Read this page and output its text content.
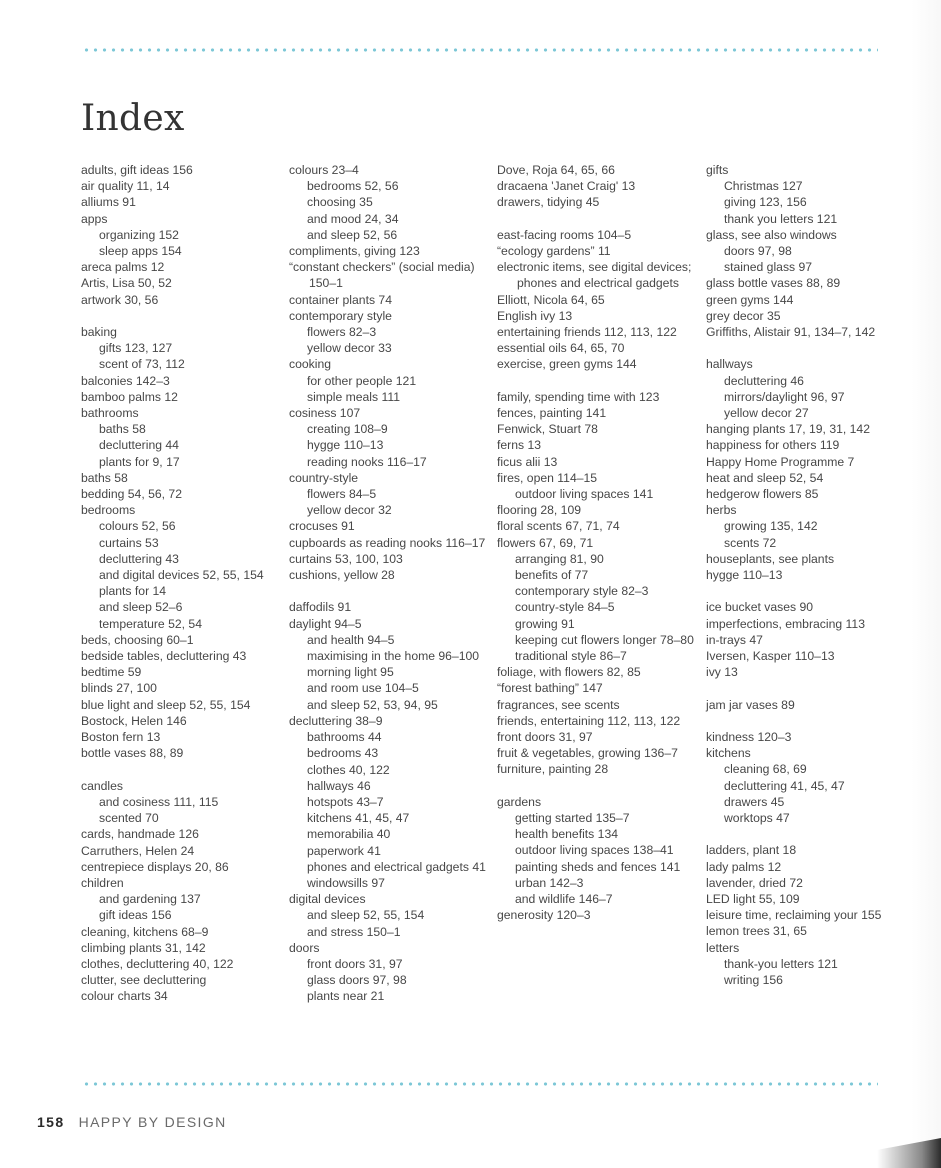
Index
adults, gift ideas 156
air quality 11, 14
alliums 91
apps
organizing 152
sleep apps 154
areca palms 12
Artis, Lisa 50, 52
artwork 30, 56
baking
gifts 123, 127
scent of 73, 112
balconies 142–3
bamboo palms 12
bathrooms
baths 58
decluttering 44
plants for 9, 17
baths 58
bedding 54, 56, 72
bedrooms
colours 52, 56
curtains 53
decluttering 43
and digital devices 52, 55, 154
plants for 14
and sleep 52–6
temperature 52, 54
beds, choosing 60–1
bedside tables, decluttering 43
bedtime 59
blinds 27, 100
blue light and sleep 52, 55, 154
Bostock, Helen 146
Boston fern 13
bottle vases 88, 89
candles
and cosiness 111, 115
scented 70
cards, handmade 126
Carruthers, Helen 24
centrepiece displays 20, 86
children
and gardening 137
gift ideas 156
cleaning, kitchens 68–9
climbing plants 31, 142
clothes, decluttering 40, 122
clutter, see decluttering
colour charts 34
colours 23–4
bedrooms 52, 56
choosing 35
and mood 24, 34
and sleep 52, 56
compliments, giving 123
“constant checkers” (social media) 150–1
container plants 74
contemporary style
flowers 82–3
yellow decor 33
cooking
for other people 121
simple meals 111
cosiness 107
creating 108–9
hygge 110–13
reading nooks 116–17
country-style
flowers 84–5
yellow decor 32
crocuses 91
cupboards as reading nooks 116–17
curtains 53, 100, 103
cushions, yellow 28
daffodils 91
daylight 94–5
and health 94–5
maximising in the home 96–100
morning light 95
and room use 104–5
and sleep 52, 53, 94, 95
decluttering 38–9
bathrooms 44
bedrooms 43
clothes 40, 122
hallways 46
hotspots 43–7
kitchens 41, 45, 47
memorabilia 40
paperwork 41
phones and electrical gadgets 41
windowsills 97
digital devices
and sleep 52, 55, 154
and stress 150–1
doors
front doors 31, 97
glass doors 97, 98
plants near 21
Dove, Roja 64, 65, 66
dracaena 'Janet Craig' 13
drawers, tidying 45
east-facing rooms 104–5
“ecology gardens” 11
electronic items, see digital devices; phones and electrical gadgets
Elliott, Nicola 64, 65
English ivy 13
entertaining friends 112, 113, 122
essential oils 64, 65, 70
exercise, green gyms 144
family, spending time with 123
fences, painting 141
Fenwick, Stuart 78
ferns 13
ficus alii 13
fires, open 114–15
outdoor living spaces 141
flooring 28, 109
floral scents 67, 71, 74
flowers 67, 69, 71
arranging 81, 90
benefits of 77
contemporary style 82–3
country-style 84–5
growing 91
keeping cut flowers longer 78–80
traditional style 86–7
foliage, with flowers 82, 85
“forest bathing” 147
fragrances, see scents
friends, entertaining 112, 113, 122
front doors 31, 97
fruit & vegetables, growing 136–7
furniture, painting 28
gardens
getting started 135–7
health benefits 134
outdoor living spaces 138–41
painting sheds and fences 141
urban 142–3
and wildlife 146–7
generosity 120–3
gifts
Christmas 127
giving 123, 156
thank you letters 121
glass, see also windows
doors 97, 98
stained glass 97
glass bottle vases 88, 89
green gyms 144
grey decor 35
Griffiths, Alistair 91, 134–7, 142
hallways
decluttering 46
mirrors/daylight 96, 97
yellow decor 27
hanging plants 17, 19, 31, 142
happiness for others 119
Happy Home Programme 7
heat and sleep 52, 54
hedgerow flowers 85
herbs
growing 135, 142
scents 72
houseplants, see plants
hygge 110–13
ice bucket vases 90
imperfections, embracing 113
in-trays 47
Iversen, Kasper 110–13
ivy 13
jam jar vases 89
kindness 120–3
kitchens
cleaning 68, 69
decluttering 41, 45, 47
drawers 45
worktops 47
ladders, plant 18
lady palms 12
lavender, dried 72
LED light 55, 109
leisure time, reclaiming your 155
lemon trees 31, 65
letters
thank-you letters 121
writing 156
158 HAPPY BY DESIGN
